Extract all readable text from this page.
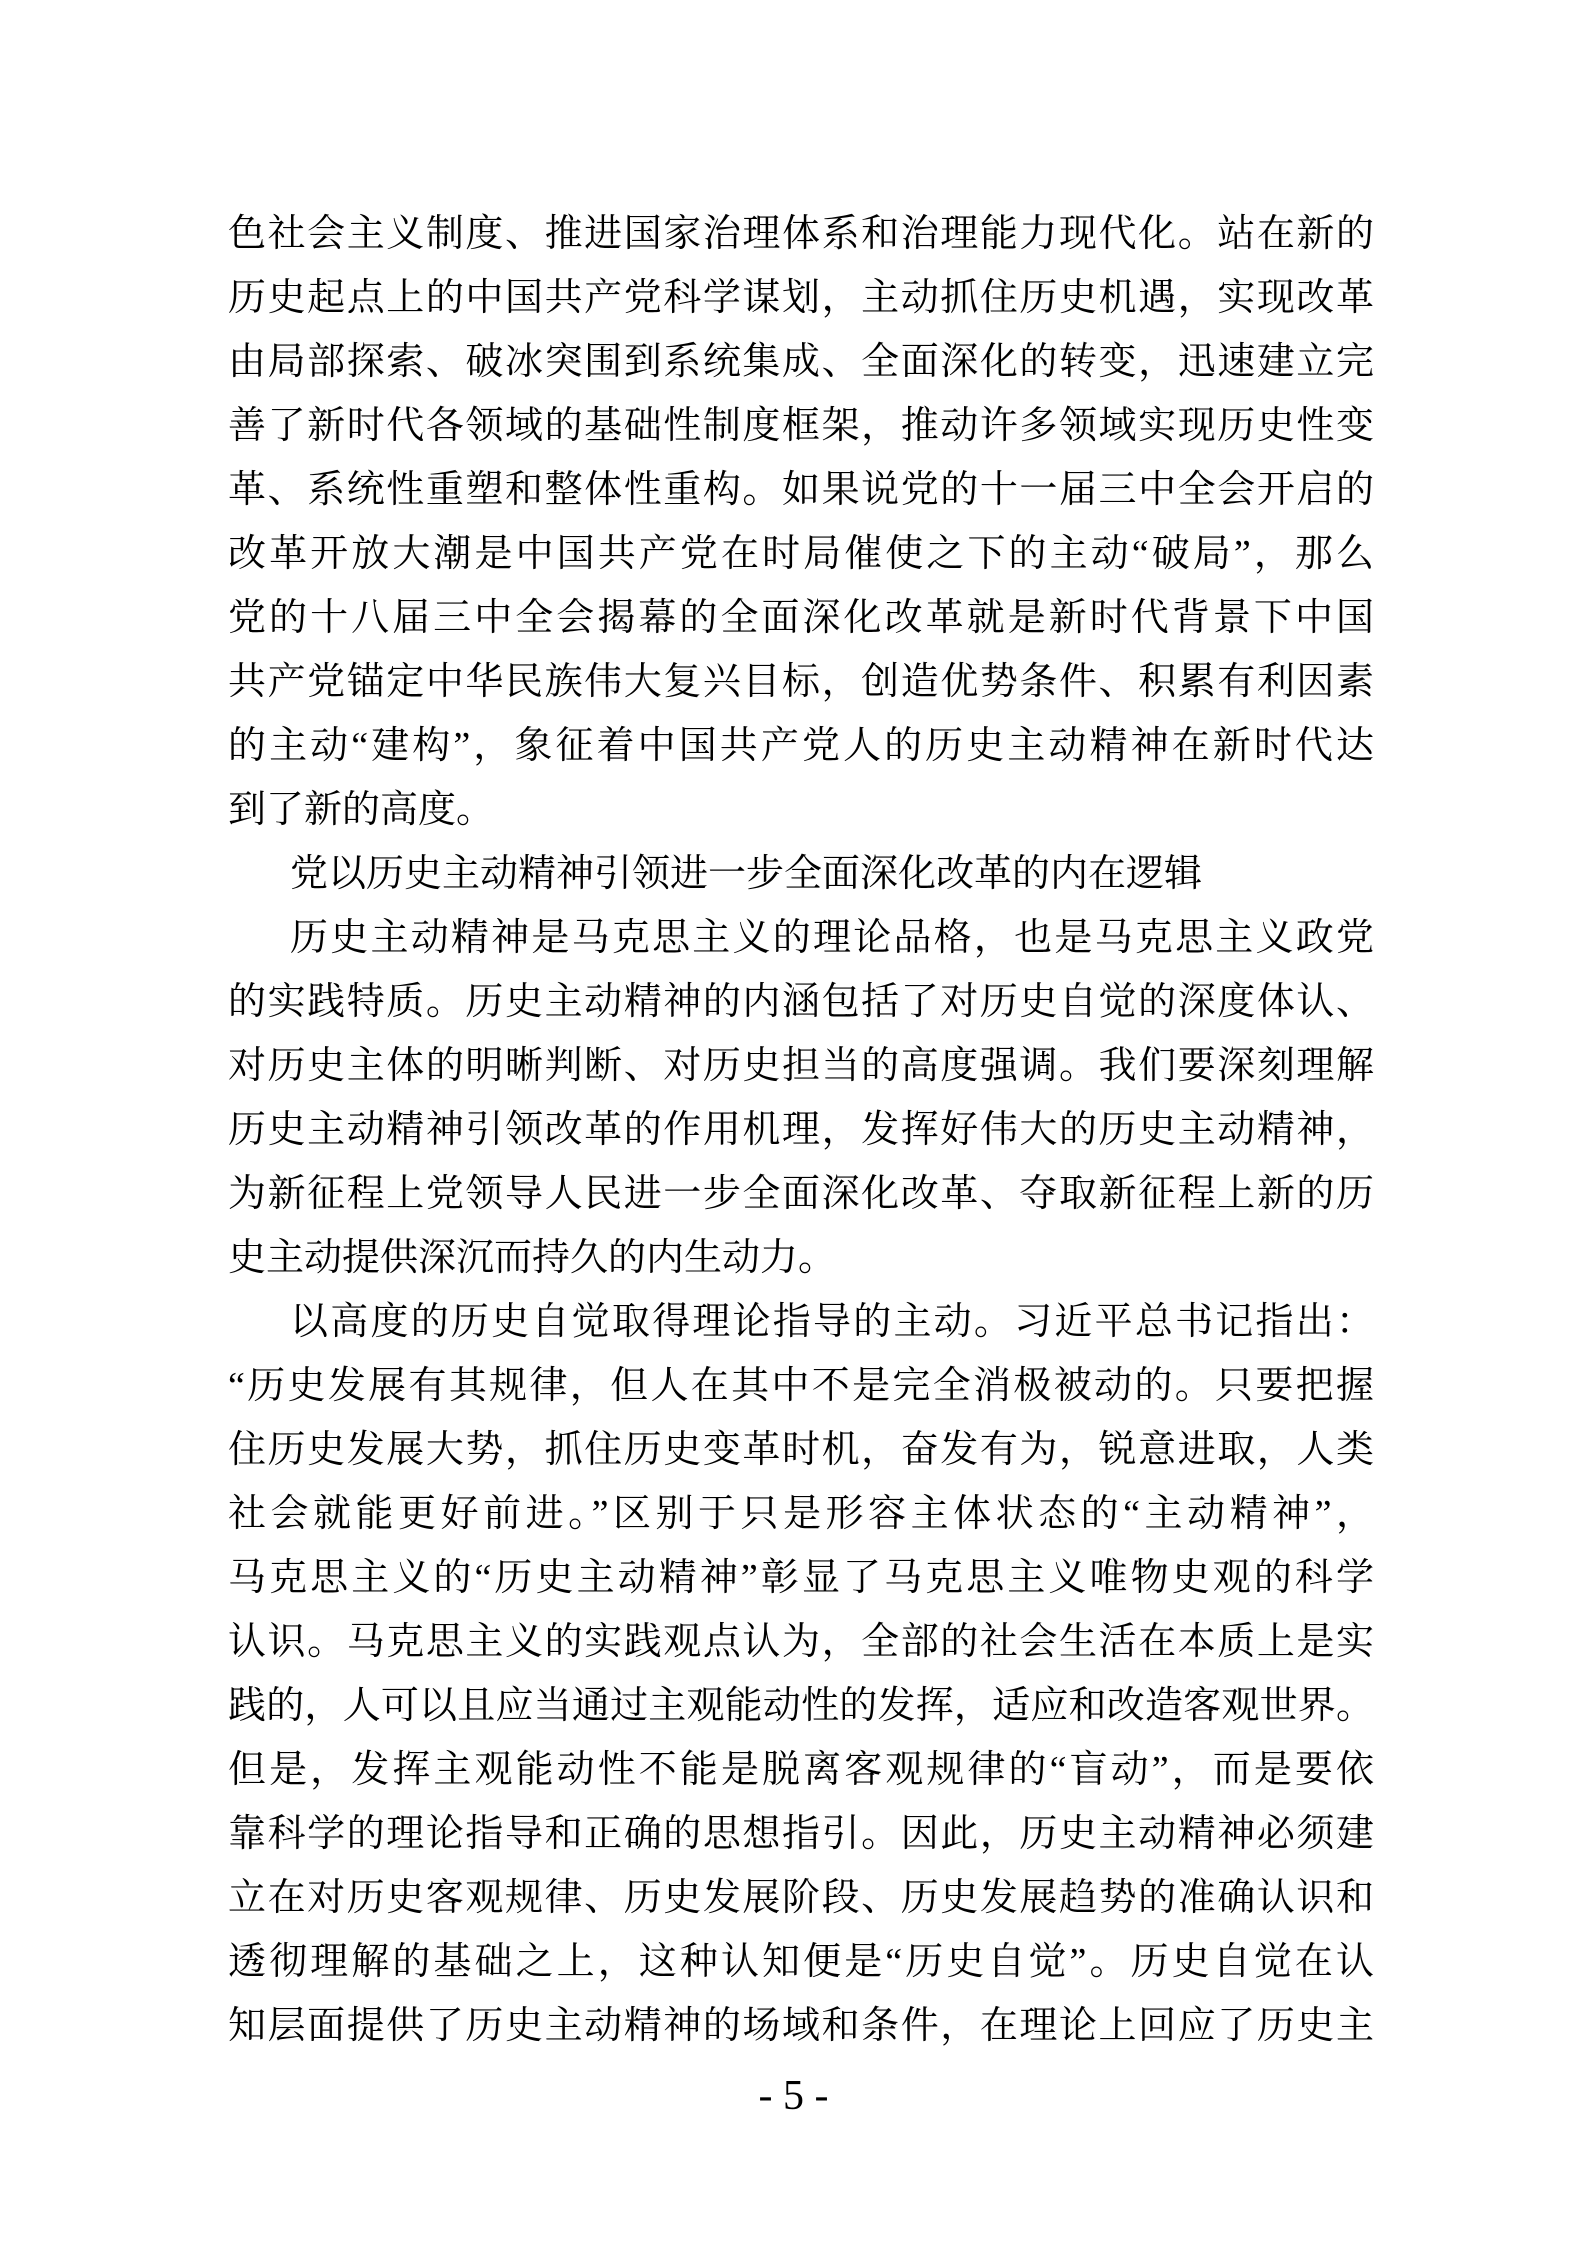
色社会主义制度、推进国家治理体系和治理能力现代化。站在新的
历史起点上的中国共产党科学谋划，主动抓住历史机遇，实现改革
由局部探索、破冰突围到系统集成、全面深化的转变，迅速建立完
善了新时代各领域的基础性制度框架，推动许多领域实现历史性变
革、系统性重塑和整体性重构。如果说党的十一届三中全会开启的
改革开放大潮是中国共产党在时局催使之下的主动“破局”，那么
党的十八届三中全会揭幕的全面深化改革就是新时代背景下中国
共产党锚定中华民族伟大复兴目标，创造优势条件、积累有利因素
的主动“建构”，象征着中国共产党人的历史主动精神在新时代达
到了新的高度。
党以历史主动精神引领进一步全面深化改革的内在逻辑
历史主动精神是马克思主义的理论品格，也是马克思主义政党
的实践特质。历史主动精神的内涵包括了对历史自觉的深度体认、
对历史主体的明晰判断、对历史担当的高度强调。我们要深刻理解
历史主动精神引领改革的作用机理，发挥好伟大的历史主动精神，
为新征程上党领导人民进一步全面深化改革、夺取新征程上新的历
史主动提供深沉而持久的内生动力。
以高度的历史自觉取得理论指导的主动。习近平总书记指出：
“历史发展有其规律，但人在其中不是完全消极被动的。只要把握
住历史发展大势，抓住历史变革时机，奋发有为，锐意进取，人类
社会就能更好前进。”区别于只是形容主体状态的“主动精神”，
马克思主义的“历史主动精神”彰显了马克思主义唯物史观的科学
认识。马克思主义的实践观点认为，全部的社会生活在本质上是实
践的，人可以且应当通过主观能动性的发挥，适应和改造客观世界。
但是，发挥主观能动性不能是脱离客观规律的“盲动”，而是要依
靠科学的理论指导和正确的思想指引。因此，历史主动精神必须建
立在对历史客观规律、历史发展阶段、历史发展趋势的准确认识和
透彻理解的基础之上，这种认知便是“历史自觉”。历史自觉在认
知层面提供了历史主动精神的场域和条件，在理论上回应了历史主
- 5 -
